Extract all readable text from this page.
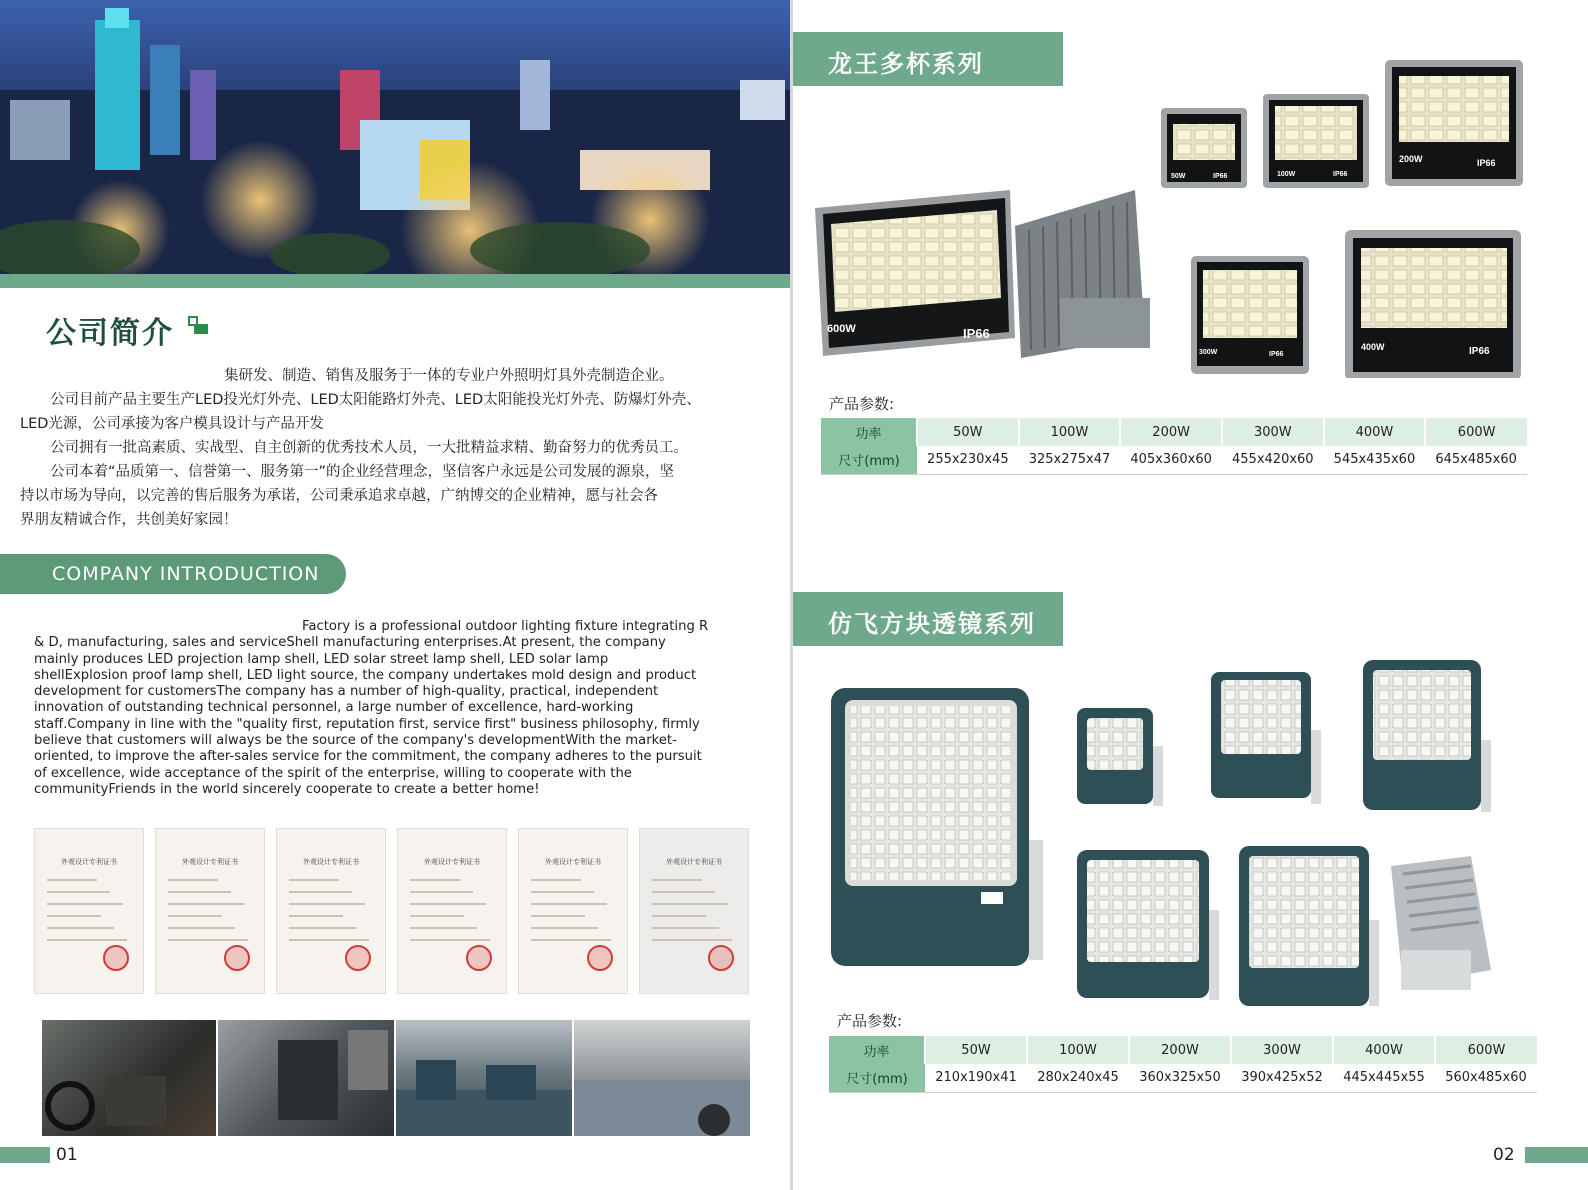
公司简介

集研发、制造、销售及服务于一体的专业户外照明灯具外壳制造企业。

公司目前产品主要生产LED投光灯外壳、LED太阳能路灯外壳、LED太阳能投光灯外壳、防爆灯外壳、

LED光源，公司承接为客户模具设计与产品开发

公司拥有一批高素质、实战型、自主创新的优秀技术人员，一大批精益求精、勤奋努力的优秀员工。

公司本着“品质第一、信誉第一、服务第一”的企业经营理念，坚信客户永远是公司发展的源泉，坚

持以市场为导向，以完善的售后服务为承诺，公司秉承追求卓越，广纳博交的企业精神，愿与社会各

界朋友精诚合作，共创美好家园！

COMPANY INTRODUCTION
Factory is a professional outdoor lighting fixture integrating R
& D, manufacturing, sales and serviceShell manufacturing enterprises.At present, the company
mainly produces LED projection lamp shell, LED solar street lamp shell, LED solar lamp
shellExplosion proof lamp shell, LED light source, the company undertakes mold design and product
development for customersThe company has a number of high-quality, practical, independent
innovation of outstanding technical personnel, a large number of excellence, hard-working
staff.Company in line with the "quality first, reputation first, service first" business philosophy, firmly
believe that customers will always be the source of the company's developmentWith the market-
oriented, to improve the after-sales service for the commitment, the company adheres to the pursuit
of excellence, wide acceptance of the spirit of the enterprise, willing to cooperate with the
communityFriends in the world sincerely cooperate to create a better home!
外观设计专利证书	外观设计专利证书	外观设计专利证书	外观设计专利证书	外观设计专利证书	外观设计专利证书
01
龙王多杯系列
600W	IP66
50W	IP66	100W	IP66
200W	IP66
300W	IP66
400W	IP66
产品参数:
功率	50W	100W	200W	300W	400W	600W
尺寸(mm)	255x230x45	325x275x47	405x360x60	455x420x60	545x435x60	645x485x60
仿飞方块透镜系列
产品参数:
功率	50W	100W	200W	300W	400W	600W
尺寸(mm)	210x190x41	280x240x45	360x325x50	390x425x52	445x445x55	560x485x60
02
